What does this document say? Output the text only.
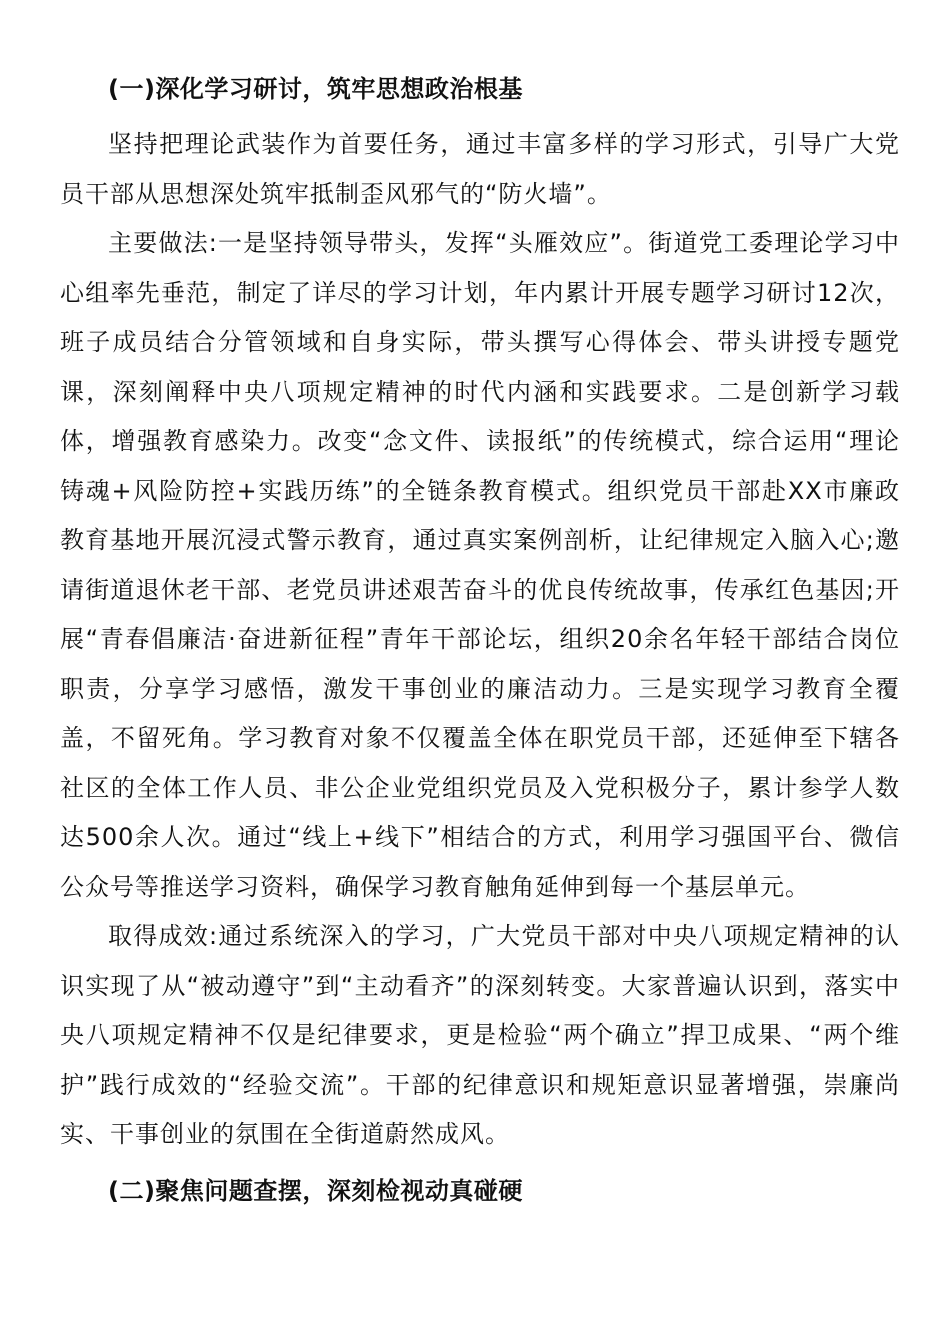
(一)深化学习研讨，筑牢思想政治根基

坚持把理论武装作为首要任务，通过丰富多样的学习形式，引导广大党员干部从思想深处筑牢抵制歪风邪气的“防火墙”。

主要做法:一是坚持领导带头，发挥“头雁效应”。街道党工委理论学习中心组率先垂范，制定了详尽的学习计划，年内累计开展专题学习研讨12次，班子成员结合分管领域和自身实际，带头撰写心得体会、带头讲授专题党课，深刻阐释中央八项规定精神的时代内涵和实践要求。二是创新学习载体，增强教育感染力。改变“念文件、读报纸”的传统模式，综合运用“理论铸魂+风险防控+实践历练”的全链条教育模式。组织党员干部赴XX市廉政教育基地开展沉浸式警示教育，通过真实案例剖析，让纪律规定入脑入心;邀请街道退休老干部、老党员讲述艰苦奋斗的优良传统故事，传承红色基因;开展“青春倡廉洁·奋进新征程”青年干部论坛，组织20余名年轻干部结合岗位职责，分享学习感悟，激发干事创业的廉洁动力。三是实现学习教育全覆盖，不留死角。学习教育对象不仅覆盖全体在职党员干部，还延伸至下辖各社区的全体工作人员、非公企业党组织党员及入党积极分子，累计参学人数达500余人次。通过“线上+线下”相结合的方式，利用学习强国平台、微信公众号等推送学习资料，确保学习教育触角延伸到每一个基层单元。

取得成效:通过系统深入的学习，广大党员干部对中央八项规定精神的认识实现了从“被动遵守”到“主动看齐”的深刻转变。大家普遍认识到，落实中央八项规定精神不仅是纪律要求，更是检验“两个确立”捍卫成果、“两个维护”践行成效的“经验交流”。干部的纪律意识和规矩意识显著增强，崇廉尚实、干事创业的氛围在全街道蔚然成风。

(二)聚焦问题查摆，深刻检视动真碰硬
